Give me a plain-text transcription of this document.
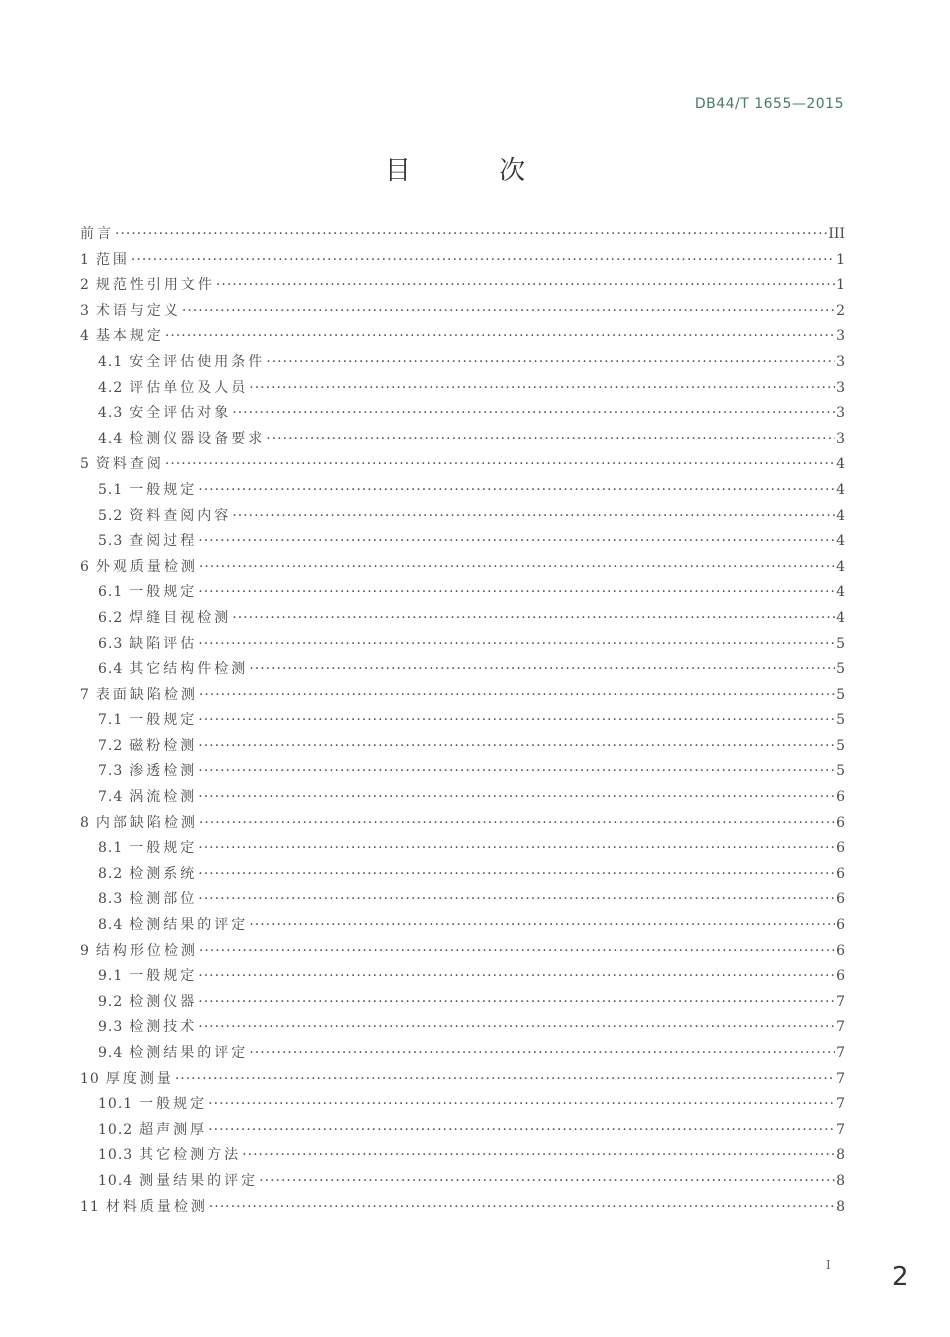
DB44/T 1655—2015
目 次
前言 ·····	III
1 范围 ·····	1
2 规范性引用文件 ·····	1
3 术语与定义 ·····	2
4 基本规定 ·····	3
4.1 安全评估使用条件 ·····	3
4.2 评估单位及人员 ·····	3
4.3 安全评估对象 ·····	3
4.4 检测仪器设备要求 ·····	3
5 资料查阅 ·····	4
5.1 一般规定 ·····	4
5.2 资料查阅内容 ·····	4
5.3 查阅过程 ·····	4
6 外观质量检测 ·····	4
6.1 一般规定 ·····	4
6.2 焊缝目视检测 ·····	4
6.3 缺陷评估 ·····	5
6.4 其它结构件检测 ·····	5
7 表面缺陷检测 ·····	5
7.1 一般规定 ·····	5
7.2 磁粉检测 ·····	5
7.3 渗透检测 ·····	5
7.4 涡流检测 ·····	6
8 内部缺陷检测 ·····	6
8.1 一般规定 ·····	6
8.2 检测系统 ·····	6
8.3 检测部位 ·····	6
8.4 检测结果的评定 ·····	6
9 结构形位检测 ·····	6
9.1 一般规定 ·····	6
9.2 检测仪器 ·····	7
9.3 检测技术 ·····	7
9.4 检测结果的评定 ·····	7
10 厚度测量 ·····	7
10.1 一般规定 ·····	7
10.2 超声测厚 ·····	7
10.3 其它检测方法 ·····	8
10.4 测量结果的评定 ·····	8
11 材料质量检测 ·····	8
I 2
